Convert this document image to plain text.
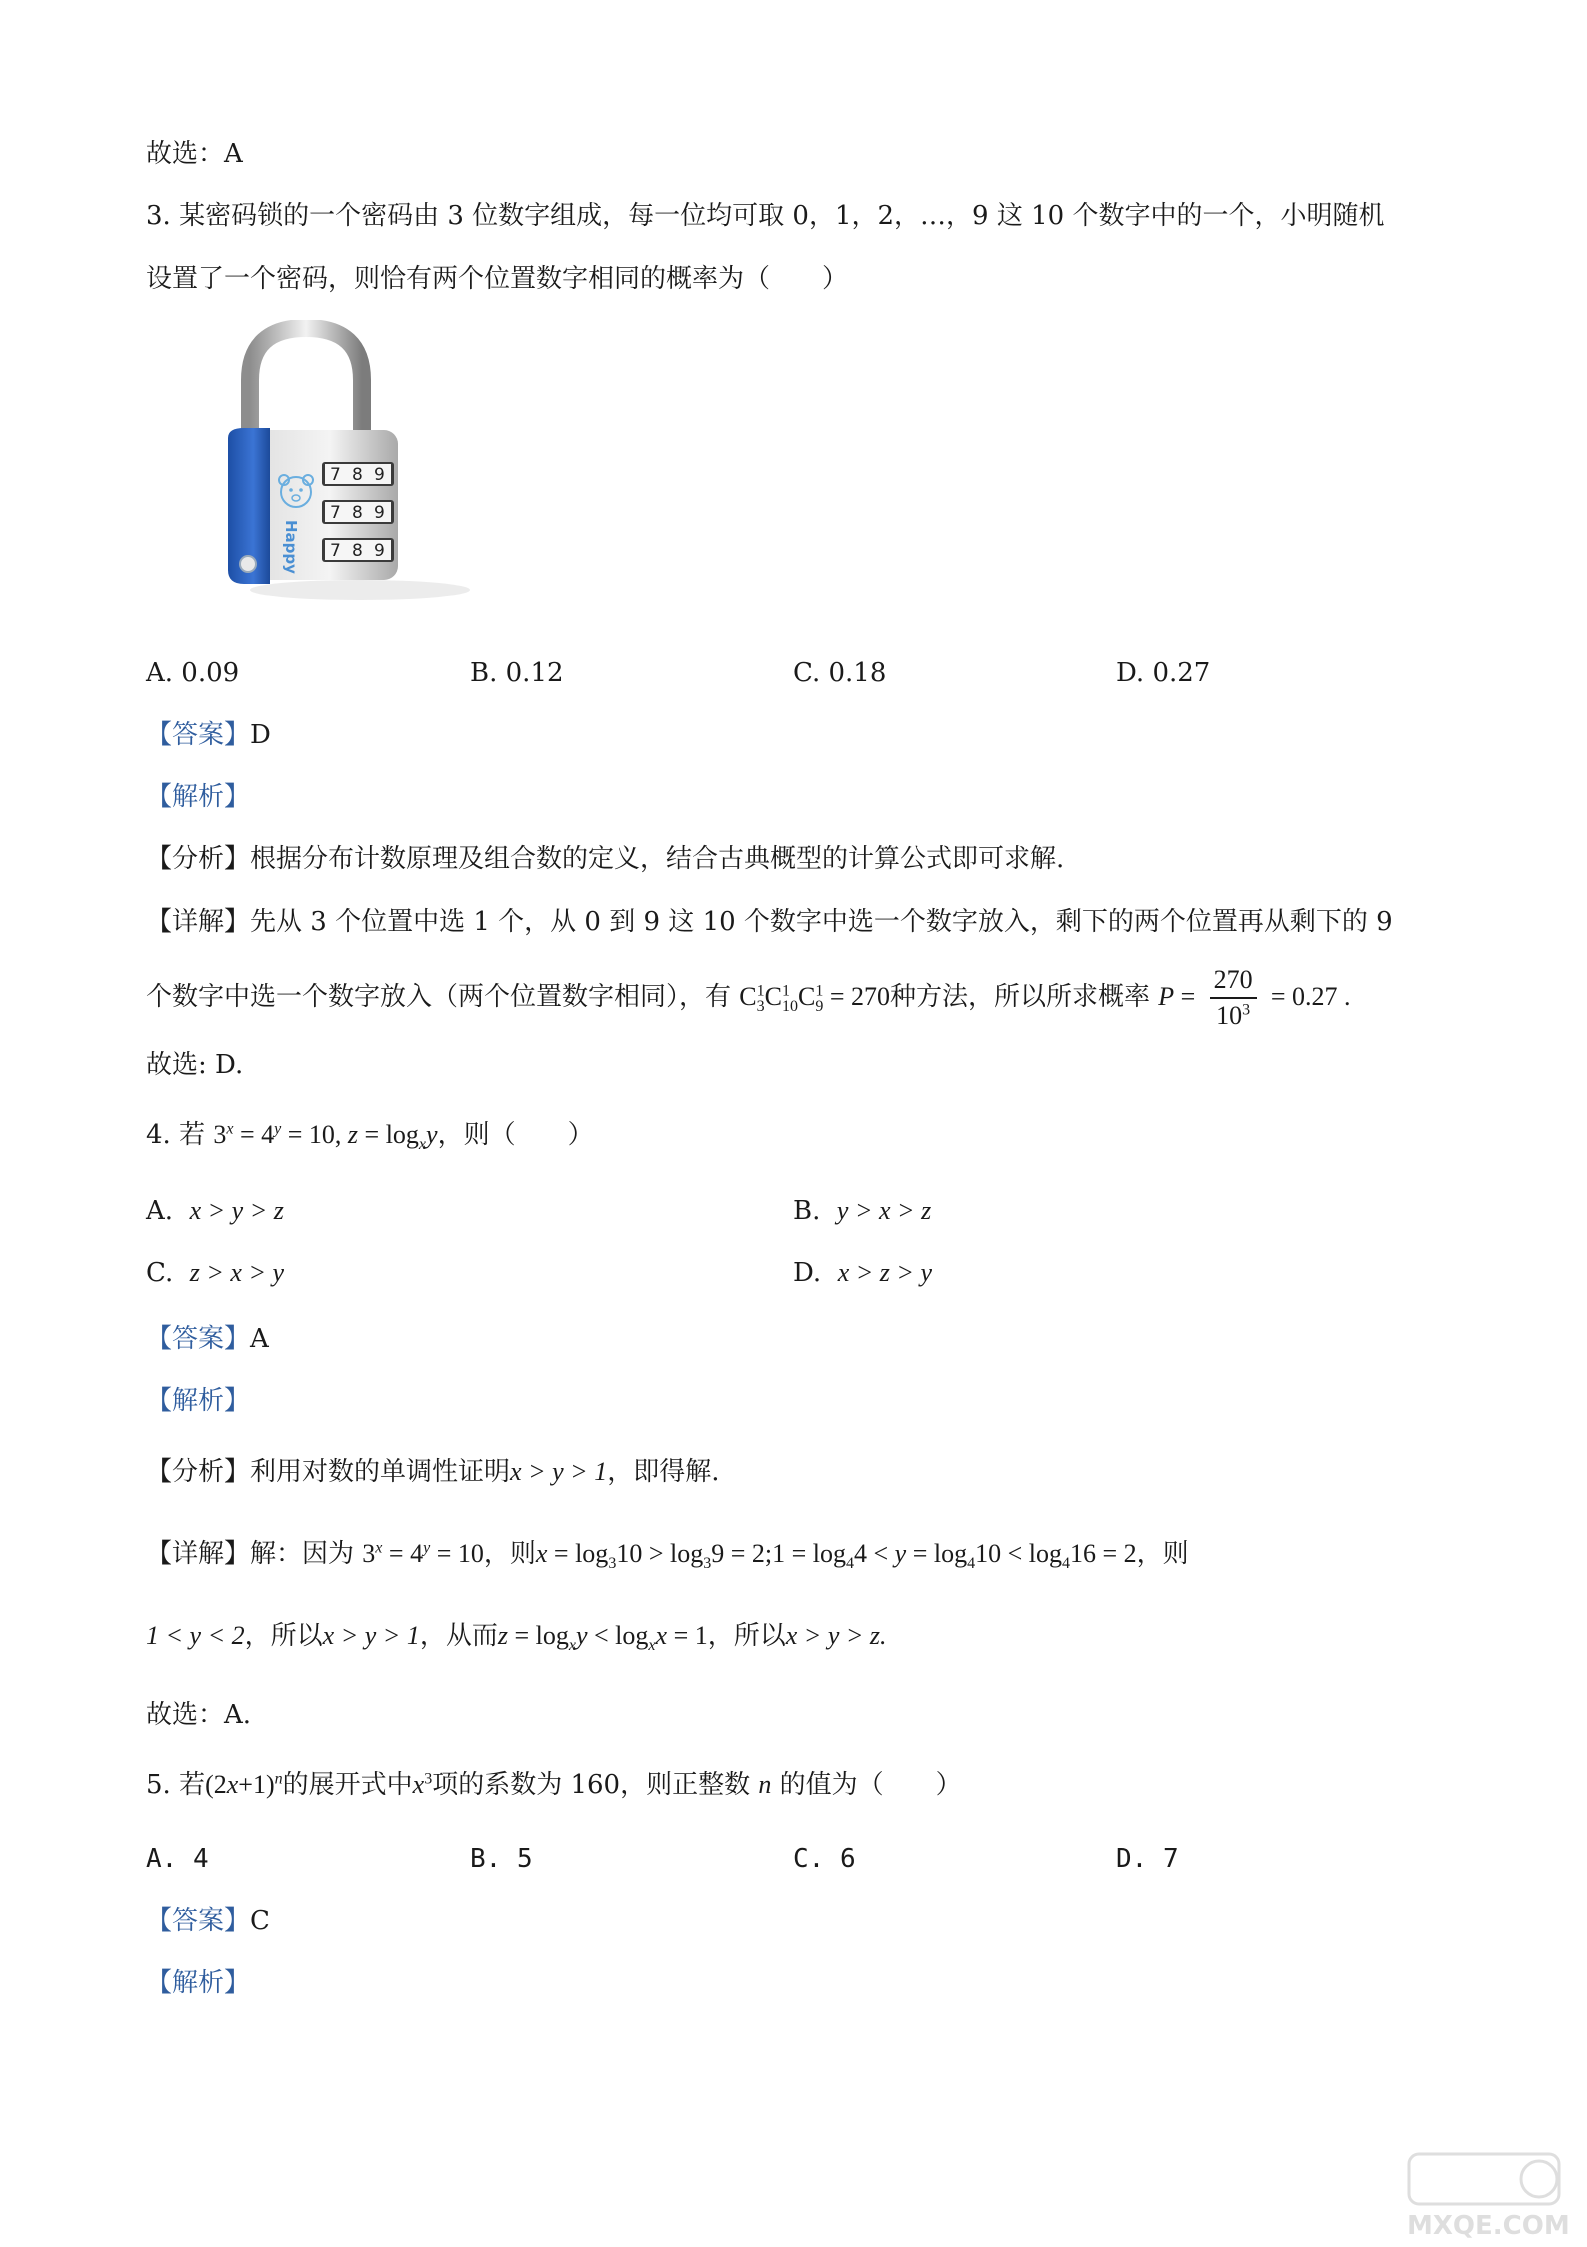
故选：A
3. 某密码锁的一个密码由 3 位数字组成，每一位均可取 0，1，2，…，9 这 10 个数字中的一个，小明随机
设置了一个密码，则恰有两个位置数字相同的概率为（　　）
Happy
7 8 9
7 8 9
7 8 9
A. 0.09	B. 0.12	C. 0.18	D. 0.27
【答案】D
【解析】
【分析】根据分布计数原理及组合数的定义，结合古典概型的计算公式即可求解.
【详解】先从 3 个位置中选 1 个，从 0 到 9 这 10 个数字中选一个数字放入，剩下的两个位置再从剩下的 9
个数字中选一个数字放入（两个位置数字相同），有 $C^1_3C^1_{10}C^1_9 = 270$种方法，所以所求概率 $P = \frac{270}{10^3} = 0.27$ .
故选: D.
4. 若 $3^x = 4^y = 10$, $z = \log_xy$，则（　　）
A. x > y > z	B. y > x > z
C. z > x > y	D. x > z > y
【答案】A
【解析】
【分析】利用对数的单调性证明x > y > 1，即得解.
【详解】解：因为 $3^x = 4^y = 10$，则$x = \log_310 > \log_39$ = 2;1 = $\log_44 < y = \log_410 < \log_416 = 2$，则
1 < y < 2，所以x > y > 1，从而$z = \log_xy < \log_xx = 1$，所以x > y > z.
故选：A.
5. 若$(2x+1)^n$的展开式中$x^3$项的系数为 160，则正整数 n 的值为（　　）
A. 4	B. 5	C. 6	D. 7
【答案】C
【解析】
MXQE.COM
